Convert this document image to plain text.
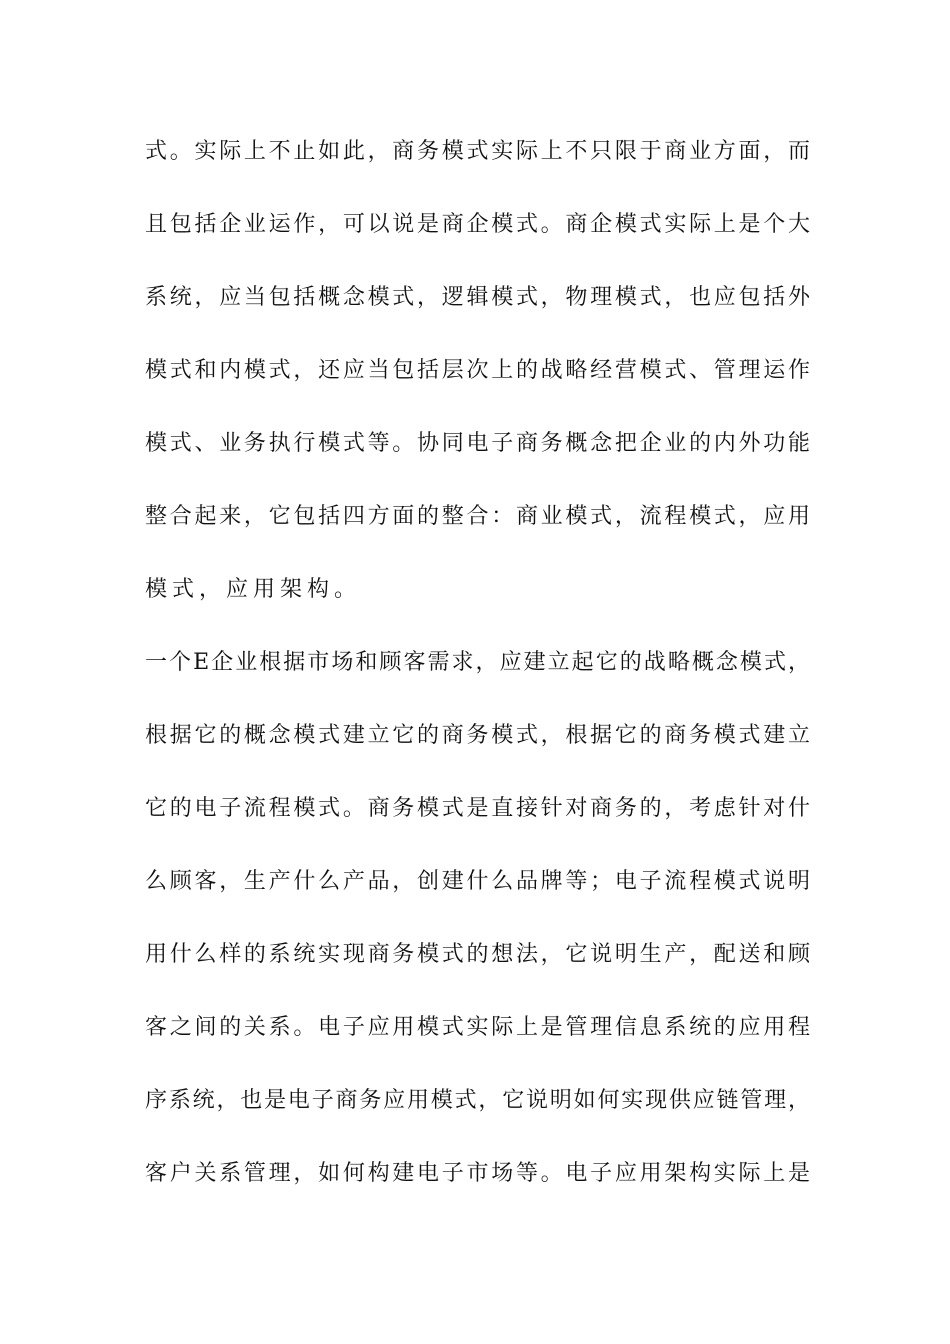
式。实际上不止如此，商务模式实际上不只限于商业方面，而
且包括企业运作，可以说是商企模式。商企模式实际上是个大
系统，应当包括概念模式，逻辑模式，物理模式，也应包括外
模式和内模式，还应当包括层次上的战略经营模式、管理运作
模式、业务执行模式等。协同电子商务概念把企业的内外功能
整合起来，它包括四方面的整合：商业模式，流程模式，应用
模式，应用架构。
一个E企业根据市场和顾客需求，应建立起它的战略概念模式，
根据它的概念模式建立它的商务模式，根据它的商务模式建立
它的电子流程模式。商务模式是直接针对商务的，考虑针对什
么顾客，生产什么产品，创建什么品牌等；电子流程模式说明
用什么样的系统实现商务模式的想法，它说明生产，配送和顾
客之间的关系。电子应用模式实际上是管理信息系统的应用程
序系统，也是电子商务应用模式，它说明如何实现供应链管理，
客户关系管理，如何构建电子市场等。电子应用架构实际上是
